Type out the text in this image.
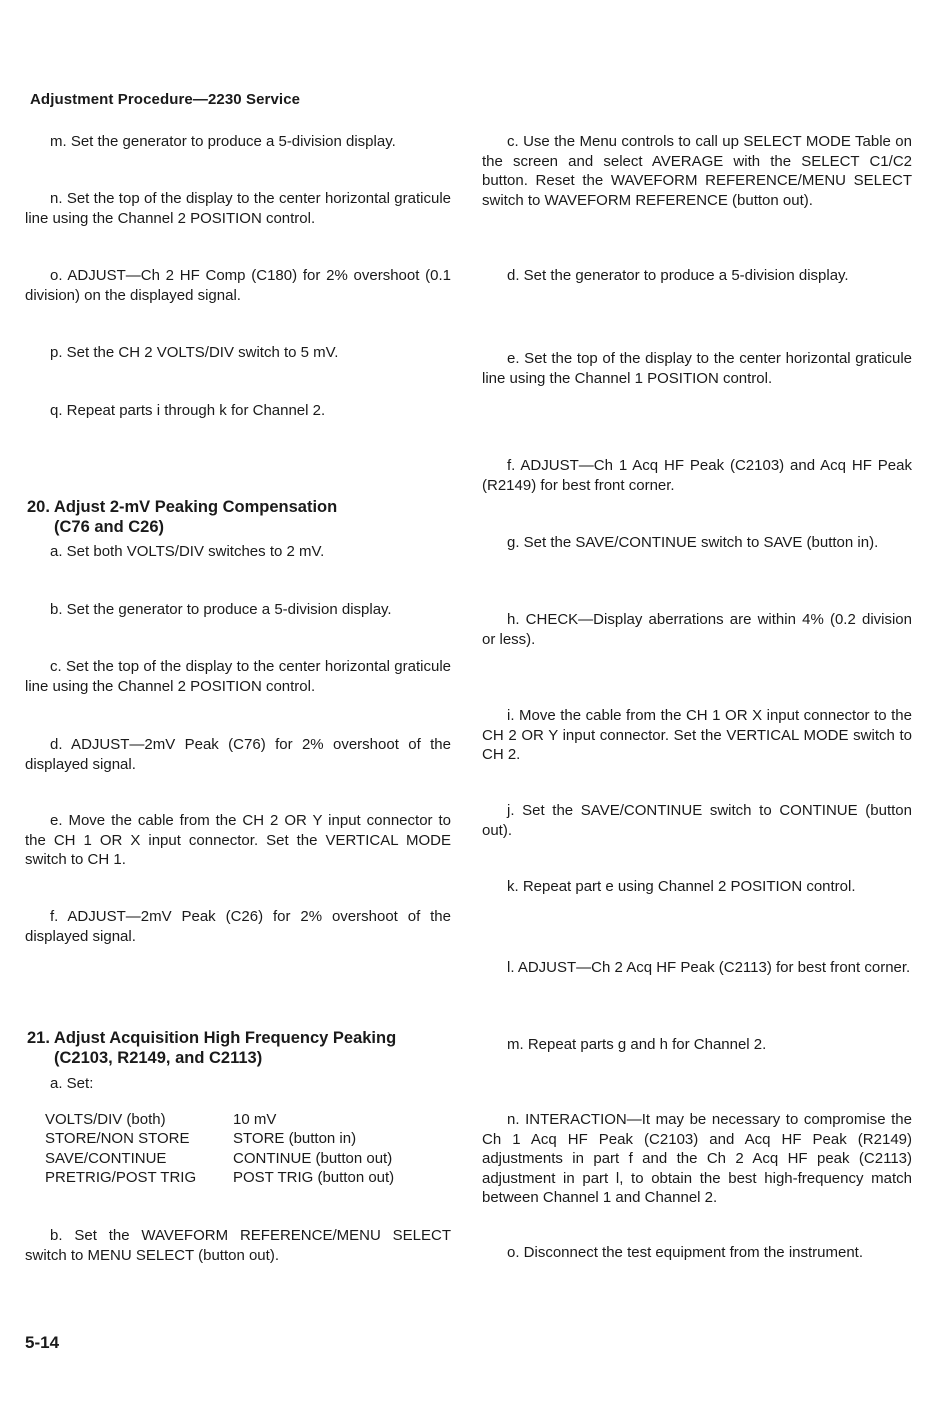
Adjustment Procedure—2230 Service
m. Set the generator to produce a 5-division display.
n. Set the top of the display to the center horizontal graticule line using the Channel 2 POSITION control.
o. ADJUST—Ch 2 HF Comp (C180) for 2% overshoot (0.1 division) on the displayed signal.
p. Set the CH 2 VOLTS/DIV switch to 5 mV.
q. Repeat parts i through k for Channel 2.
20. Adjust 2-mV Peaking Compensation
(C76 and C26)
a. Set both VOLTS/DIV switches to 2 mV.
b. Set the generator to produce a 5-division display.
c. Set the top of the display to the center horizontal graticule line using the Channel 2 POSITION control.
d. ADJUST—2mV Peak (C76) for 2% overshoot of the displayed signal.
e. Move the cable from the CH 2 OR Y input connector to the CH 1 OR X input connector. Set the VERTICAL MODE switch to CH 1.
f. ADJUST—2mV Peak (C26) for 2% overshoot of the displayed signal.
21. Adjust Acquisition High Frequency Peaking
(C2103, R2149, and C2113)
a. Set:
VOLTS/DIV (both)	10 mV
STORE/NON STORE	STORE (button in)
SAVE/CONTINUE	CONTINUE (button out)
PRETRIG/POST TRIG	POST TRIG (button out)
b. Set the WAVEFORM REFERENCE/MENU SELECT switch to MENU SELECT (button out).
c. Use the Menu controls to call up SELECT MODE Table on the screen and select AVERAGE with the SELECT C1/C2 button. Reset the WAVEFORM REFERENCE/MENU SELECT switch to WAVEFORM REFERENCE (button out).
d. Set the generator to produce a 5-division display.
e. Set the top of the display to the center horizontal graticule line using the Channel 1 POSITION control.
f. ADJUST—Ch 1 Acq HF Peak (C2103) and Acq HF Peak (R2149) for best front corner.
g. Set the SAVE/CONTINUE switch to SAVE (button in).
h. CHECK—Display aberrations are within 4% (0.2 division or less).
i. Move the cable from the CH 1 OR X input connector to the CH 2 OR Y input connector. Set the VERTICAL MODE switch to CH 2.
j. Set the SAVE/CONTINUE switch to CONTINUE (button out).
k. Repeat part e using Channel 2 POSITION control.
l. ADJUST—Ch 2 Acq HF Peak (C2113) for best front corner.
m. Repeat parts g and h for Channel 2.
n. INTERACTION—It may be necessary to compromise the Ch 1 Acq HF Peak (C2103) and Acq HF Peak (R2149) adjustments in part f and the Ch 2 Acq HF peak (C2113) adjustment in part l, to obtain the best high-frequency match between Channel 1 and Channel 2.
o. Disconnect the test equipment from the instrument.
5-14
